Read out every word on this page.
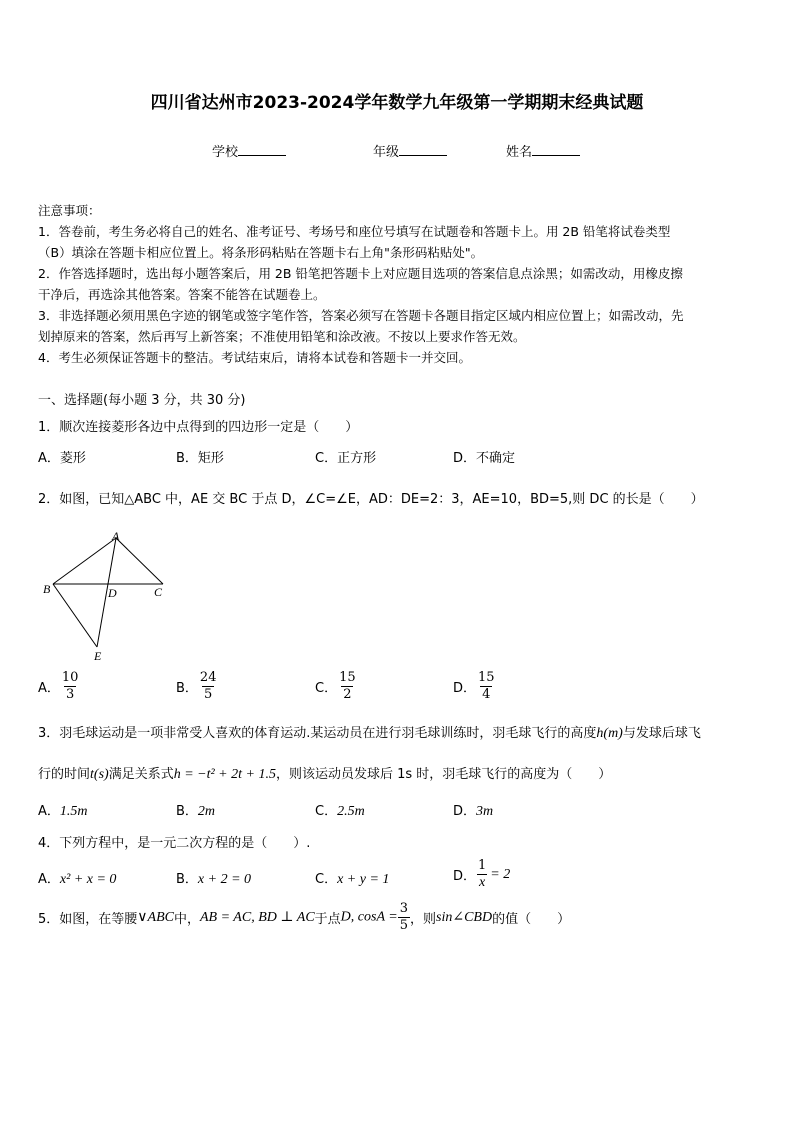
四川省达州市2023-2024学年数学九年级第一学期期末经典试题
学校	年级	姓名
注意事项：
1．答卷前，考生务必将自己的姓名、准考证号、考场号和座位号填写在试题卷和答题卡上。用 2B 铅笔将试卷类型
（B）填涂在答题卡相应位置上。将条形码粘贴在答题卡右上角"条形码粘贴处"。
2．作答选择题时，选出每小题答案后，用 2B 铅笔把答题卡上对应题目选项的答案信息点涂黑；如需改动，用橡皮擦
干净后，再选涂其他答案。答案不能答在试题卷上。
3．非选择题必须用黑色字迹的钢笔或签字笔作答，答案必须写在答题卡各题目指定区域内相应位置上；如需改动，先
划掉原来的答案，然后再写上新答案；不准使用铅笔和涂改液。不按以上要求作答无效。
4．考生必须保证答题卡的整洁。考试结束后，请将本试卷和答题卡一并交回。
一、选择题(每小题 3 分，共 30 分)
1．顺次连接菱形各边中点得到的四边形一定是（　　）
A．菱形	B．矩形	C．正方形	D．不确定
2．如图，已知△ABC 中，AE 交 BC 于点 D，∠C=∠E，AD：DE=2：3，AE=10，BD=5,则 DC 的长是（　　）
A
B	D	C
E
A． $\frac{10}{3}$	B． $\frac{24}{5}$	C． $\frac{15}{2}$	D． $\frac{15}{4}$
3．羽毛球运动是一项非常受人喜欢的体育运动.某运动员在进行羽毛球训练时，羽毛球飞行的高度h(m)与发球后球飞
行的时间t(s)满足关系式h = −t² + 2t + 1.5，则该运动员发球后 1s 时，羽毛球飞行的高度为（　　）
A．1.5m	B．2m	C．2.5m	D．3m
4．下列方程中，是一元二次方程的是（　　）.
A．x² + x = 0	B．x + 2 = 0	C．x + y = 1	D． $\frac{1}{x} = 2$
5．如图，在等腰∨ABC中，AB = AC, BD ⊥ AC于点D, $\cos A = \frac{3}{5}$ ，则sin∠CBD的值（　　）
